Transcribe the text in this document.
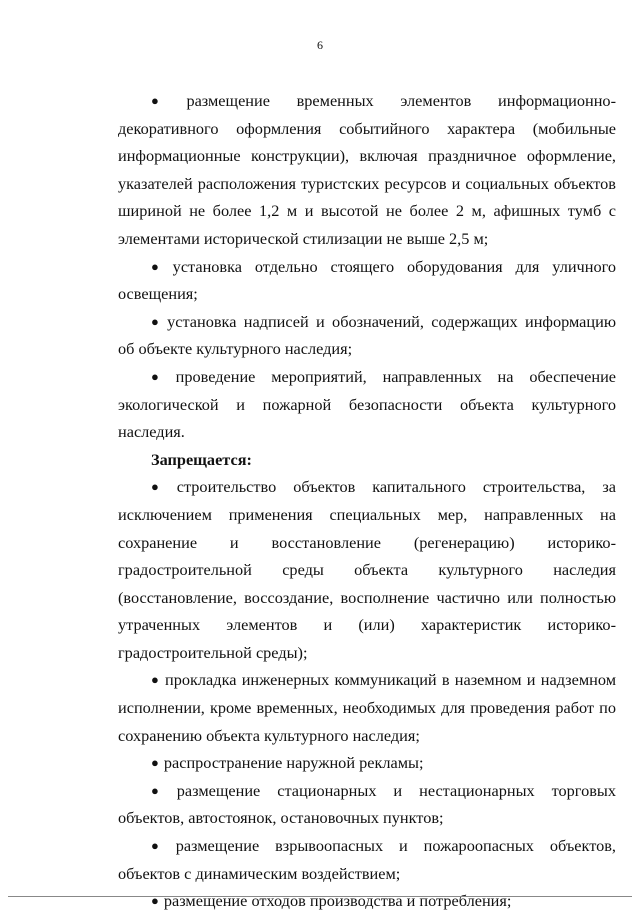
6

● размещение временных элементов информационно-декоративного оформления событийного характера (мобильные информационные конструкции), включая праздничное оформление, указателей расположения туристских ресурсов и социальных объектов шириной не более 1,2 м и высотой не более 2 м, афишных тумб с элементами исторической стилизации не выше 2,5 м;

● установка отдельно стоящего оборудования для уличного освещения;

● установка надписей и обозначений, содержащих информацию об объекте культурного наследия;

● проведение мероприятий, направленных на обеспечение экологической и пожарной безопасности объекта культурного наследия.

Запрещается:

● строительство объектов капитального строительства, за исключением применения специальных мер, направленных на сохранение и восстановление (регенерацию) историко-градостроительной среды объекта культурного наследия (восстановление, воссоздание, восполнение частично или полностью утраченных элементов и (или) характеристик историко-градостроительной среды);

● прокладка инженерных коммуникаций в наземном и надземном исполнении, кроме временных, необходимых для проведения работ по сохранению объекта культурного наследия;

● распространение наружной рекламы;

● размещение стационарных и нестационарных торговых объектов, автостоянок, остановочных пунктов;

● размещение взрывоопасных и пожароопасных объектов, объектов с динамическим воздействием;

● размещение отходов производства и потребления;
